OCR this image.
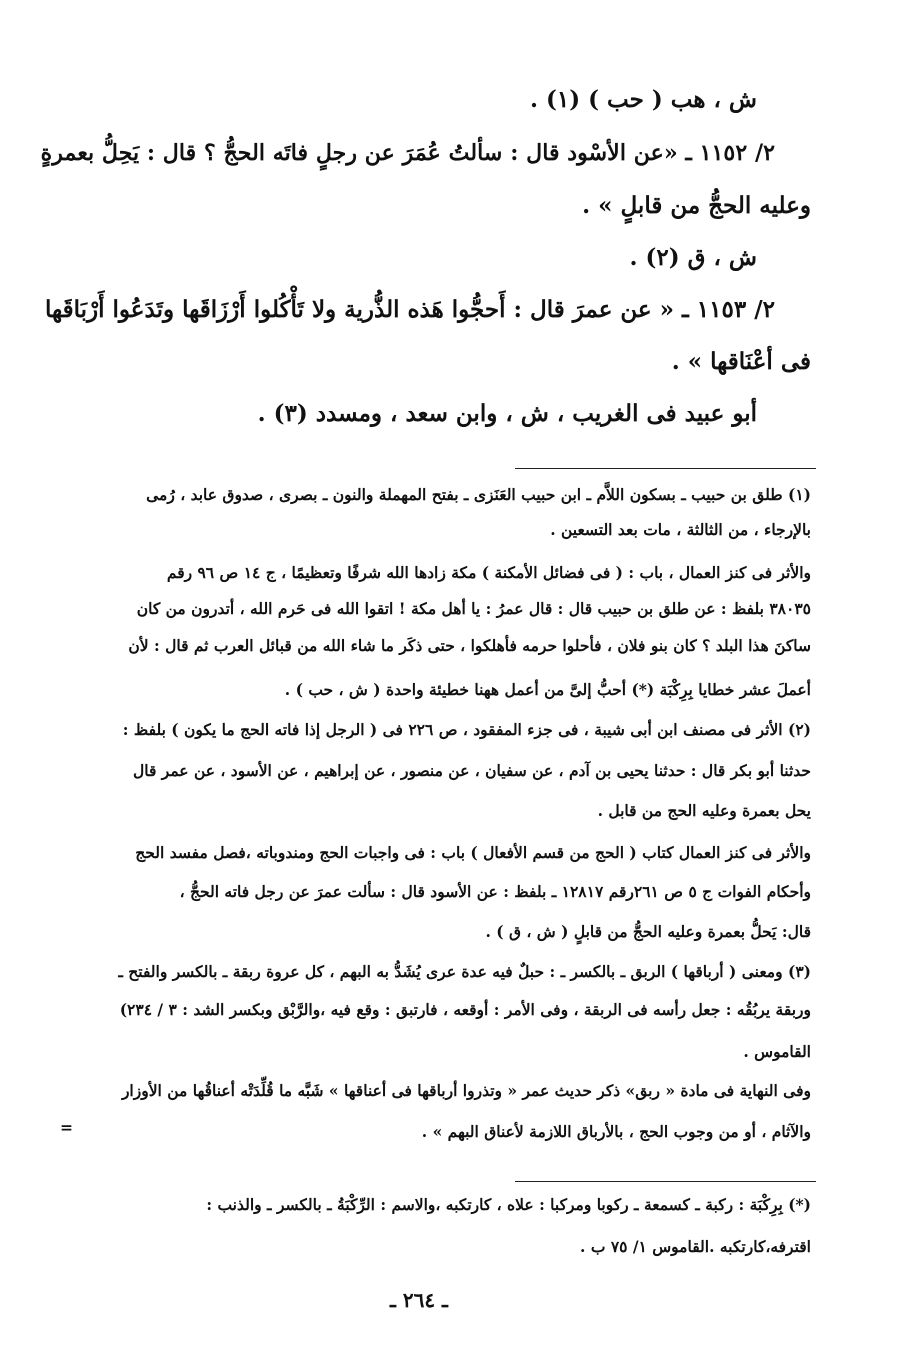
ش ، هب ( حب ) (١) .

٢/ ١١٥٢ ـ «عن الأسْود قال : سألتُ عُمَرَ عن رجلٍ فاتَه الحجُّ ؟ قال : يَحِلُّ بعمرةٍ

وعليه الحجُّ من قابلٍ » .

ش ، ق (٢) .

٢/ ١١٥٣ ـ « عن عمرَ قال : أَحجُّوا هَذه الذُّرية ولا تَأْكُلوا أَرْزَاقَها وتَدَعُوا أَرْبَاقَها

فى أعْنَاقها » .

أبو عبيد فى الغريب ، ش ، وابن سعد ، ومسدد (٣) .

(١) طلق بن حبيب ـ بسكون اللاَّم ـ ابن حبيب العَنَزى ـ بفتح المهملة والنون ـ بصرى ، صدوق عابد ، رُمى

بالإرجاء ، من الثالثة ، مات بعد التسعين .

والأثر فى كنز العمال ، باب : ( فى فضائل الأمكنة ) مكة زادها الله شرفًا وتعظيمًا ، ج ١٤ ص ٩٦ رقم

٣٨٠٣٥ بلفظ : عن طلق بن حبيب قال : قال عمرُ : يا أهل مكة ! اتقوا الله فى حَرم الله ، أتدرون من كان

ساكنَ هذا البلد ؟ كان بنو فلان ، فأحلوا حرمه فأهلكوا ، حتى ذكَر ما شاء الله من قبائل العرب ثم قال : لأن

أعملَ عشر خطايا بِرِكْبَة (*) أحبُّ إلىَّ من أعمل ههنا خطيئة واحدة ( ش ، حب ) .

(٢) الأثر فى مصنف ابن أبى شيبة ، فى جزء المفقود ، ص ٢٢٦ فى ( الرجل إذا فاته الحج ما يكون ) بلفظ :

حدثنا أبو بكر قال : حدثنا يحيى بن آدم ، عن سفيان ، عن منصور ، عن إبراهيم ، عن الأسود ، عن عمر قال

يحل بعمرة وعليه الحج من قابل .

والأثر فى كنز العمال كتاب ( الحج من قسم الأفعال ) باب : فى واجبات الحج ومندوباته ،فصل مفسد الحج

وأحكام الفوات ج ٥ ص ٢٦١رقم ١٢٨١٧ ـ بلفظ : عن الأسود قال : سألت عمرَ عن رجل فاته الحجُّ ،

قال: يَحلُّ بعمرة وعليه الحجُّ من قابلٍ ( ش ، ق ) .

(٣) ومعنى ( أرباقها ) الربق ـ بالكسر ـ : حبلٌ فيه عدة عرى يُشَدُّ به البهم ، كل عروة ربقة ـ بالكسر والفتح ـ

وربقة يربُقُه : جعل رأسه فى الربقة ، وفى الأمر : أوقعه ، فارتبق : وقع فيه ،والرَّبْق وبكسر الشد : ٣ / ٢٣٤)

القاموس .

وفى النهاية فى مادة « ربق» ذكر حديث عمر « وتذروا أرباقها فى أعناقها » شَبَّه ما قُلِّدَتْه أعناقُها من الأوزار

والآثام ، أو من وجوب الحج ، بالأرباق اللازمة لأعناق البهم » .

=

(*) بِرِكْبَة : ركبة ـ كسمعة ـ ركوبا ومركبا : علاه ، كارتكبه ،والاسم : الرِّكْبَةُ ـ بالكسر ـ والذنب :

اقترفه،كارتكبه .القاموس ١/ ٧٥ ب .

ـ ٢٦٤ ـ
